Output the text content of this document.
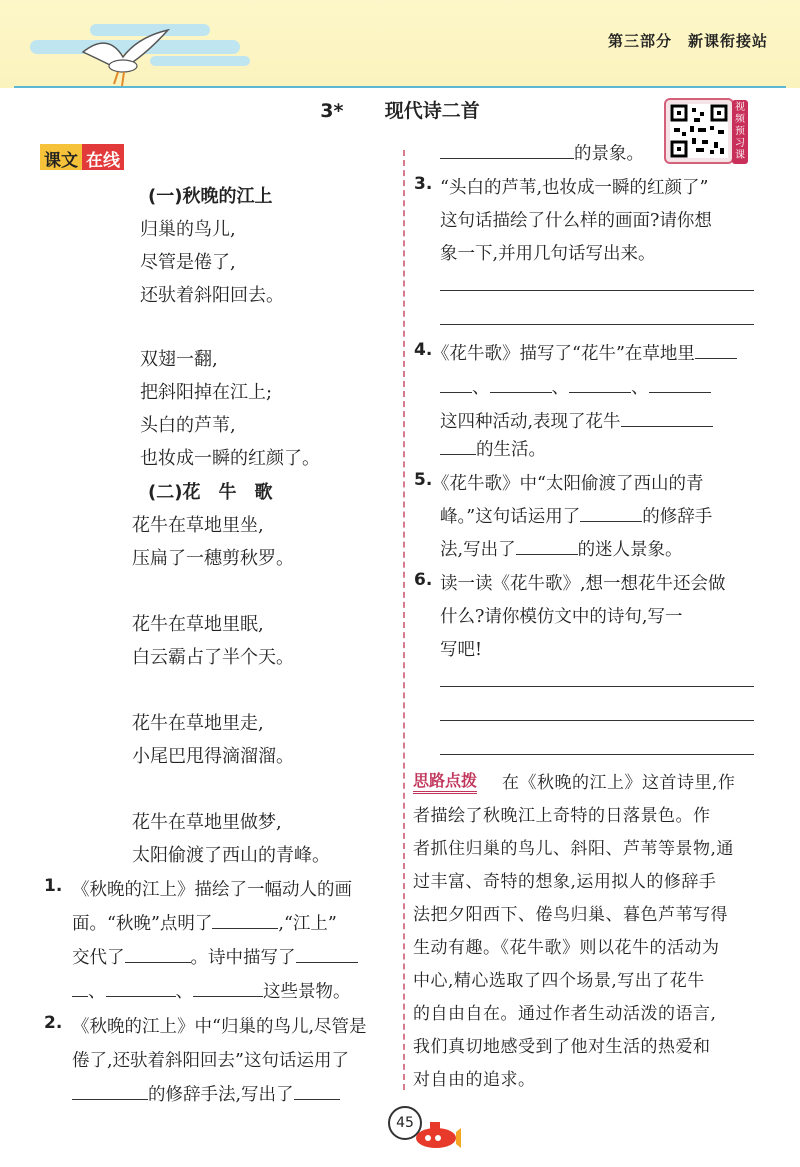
第三部分　新课衔接站
3* 现代诗二首	视频预习课
课文 在线
(一)秋晚的江上
归巢的鸟儿,
尽管是倦了,
还驮着斜阳回去。
双翅一翻,
把斜阳掉在江上;
头白的芦苇,
也妆成一瞬的红颜了。
(二)花　牛　歌
花牛在草地里坐,
压扁了一穗剪秋罗。
花牛在草地里眠,
白云霸占了半个天。
花牛在草地里走,
小尾巴甩得滴溜溜。
花牛在草地里做梦,
太阳偷渡了西山的青峰。
1. 《秋晚的江上》描绘了一幅动人的画
面。“秋晚”点明了	,“江上”
交代了	。诗中描写了
、	、	这些景物。
2. 《秋晚的江上》中“归巢的鸟儿,尽管是
倦了,还驮着斜阳回去”这句话运用了
的修辞手法,写出了
的景象。
3. “头白的芦苇,也妆成一瞬的红颜了”
这句话描绘了什么样的画面?请你想
象一下,并用几句话写出来。
4. 《花牛歌》描写了“花牛”在草地里
、	、	、
这四种活动,表现了花牛
的生活。
5. 《花牛歌》中“太阳偷渡了西山的青
峰。”这句话运用了	的修辞手
法,写出了	的迷人景象。
6. 读一读《花牛歌》,想一想花牛还会做
什么?请你模仿文中的诗句,写一
写吧!
思路点拨 在《秋晚的江上》这首诗里,作
者描绘了秋晚江上奇特的日落景色。作
者抓住归巢的鸟儿、斜阳、芦苇等景物,通
过丰富、奇特的想象,运用拟人的修辞手
法把夕阳西下、倦鸟归巢、暮色芦苇写得
生动有趣。《花牛歌》则以花牛的活动为
中心,精心选取了四个场景,写出了花牛
的自由自在。通过作者生动活泼的语言,
我们真切地感受到了他对生活的热爱和
对自由的追求。
45
